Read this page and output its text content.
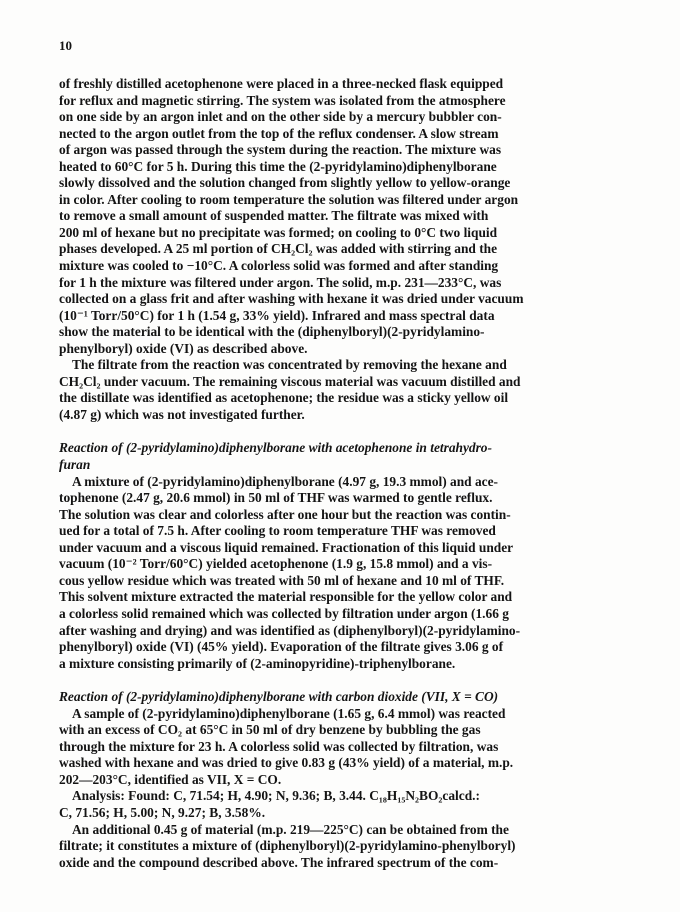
10

of freshly distilled acetophenone were placed in a three-necked flask equipped
for reflux and magnetic stirring. The system was isolated from the atmosphere
on one side by an argon inlet and on the other side by a mercury bubbler con-
nected to the argon outlet from the top of the reflux condenser. A slow stream
of argon was passed through the system during the reaction. The mixture was
heated to 60°C for 5 h. During this time the (2-pyridylamino)diphenylborane
slowly dissolved and the solution changed from slightly yellow to yellow-orange
in color. After cooling to room temperature the solution was filtered under argon
to remove a small amount of suspended matter. The filtrate was mixed with
200 ml of hexane but no precipitate was formed; on cooling to 0°C two liquid
phases developed. A 25 ml portion of CH₂Cl₂ was added with stirring and the
mixture was cooled to −10°C. A colorless solid was formed and after standing
for 1 h the mixture was filtered under argon. The solid, m.p. 231—233°C, was
collected on a glass frit and after washing with hexane it was dried under vacuum
(10⁻¹ Torr/50°C) for 1 h (1.54 g, 33% yield). Infrared and mass spectral data
show the material to be identical with the (diphenylboryl)(2-pyridylamino-
phenylboryl) oxide (VI) as described above.

The filtrate from the reaction was concentrated by removing the hexane and
CH₂Cl₂ under vacuum. The remaining viscous material was vacuum distilled and
the distillate was identified as acetophenone; the residue was a sticky yellow oil
(4.87 g) which was not investigated further.

Reaction of (2-pyridylamino)diphenylborane with acetophenone in tetrahydro-
furan

A mixture of (2-pyridylamino)diphenylborane (4.97 g, 19.3 mmol) and ace-
tophenone (2.47 g, 20.6 mmol) in 50 ml of THF was warmed to gentle reflux.
The solution was clear and colorless after one hour but the reaction was contin-
ued for a total of 7.5 h. After cooling to room temperature THF was removed
under vacuum and a viscous liquid remained. Fractionation of this liquid under
vacuum (10⁻² Torr/60°C) yielded acetophenone (1.9 g, 15.8 mmol) and a vis-
cous yellow residue which was treated with 50 ml of hexane and 10 ml of THF.
This solvent mixture extracted the material responsible for the yellow color and
a colorless solid remained which was collected by filtration under argon (1.66 g
after washing and drying) and was identified as (diphenylboryl)(2-pyridylamino-
phenylboryl) oxide (VI) (45% yield). Evaporation of the filtrate gives 3.06 g of
a mixture consisting primarily of (2-aminopyridine)-triphenylborane.

Reaction of (2-pyridylamino)diphenylborane with carbon dioxide (VII, X = CO)

A sample of (2-pyridylamino)diphenylborane (1.65 g, 6.4 mmol) was reacted
with an excess of CO₂ at 65°C in 50 ml of dry benzene by bubbling the gas
through the mixture for 23 h. A colorless solid was collected by filtration, was
washed with hexane and was dried to give 0.83 g (43% yield) of a material, m.p.
202—203°C, identified as VII, X = CO.

Analysis: Found: C, 71.54; H, 4.90; N, 9.36; B, 3.44. C₁₈H₁₅N₂BO₂calcd.:
C, 71.56; H, 5.00; N, 9.27; B, 3.58%.

An additional 0.45 g of material (m.p. 219—225°C) can be obtained from the
filtrate; it constitutes a mixture of (diphenylboryl)(2-pyridylamino-phenylboryl)
oxide and the compound described above. The infrared spectrum of the com-
